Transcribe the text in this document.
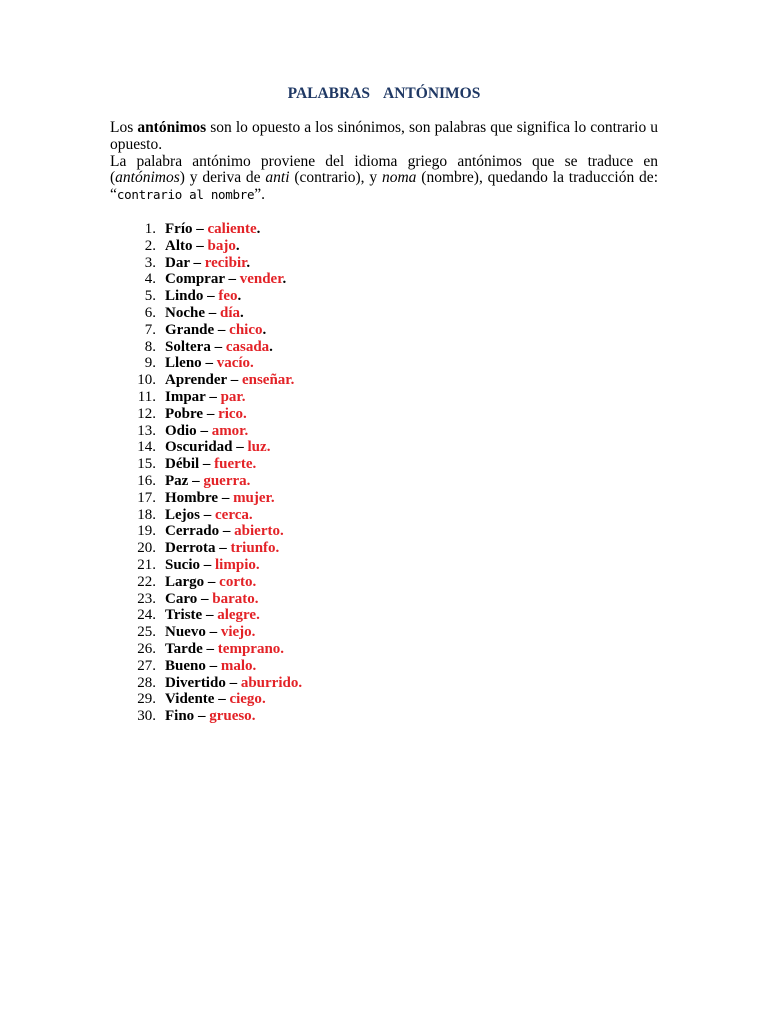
PALABRAS ANTÓNIMOS

Los antónimos son lo opuesto a los sinónimos, son palabras que significa lo contrario u opuesto.

La palabra antónimo proviene del idioma griego antónimos que se traduce en (antónimos) y deriva de anti (contrario), y noma (nombre), quedando la traducción de: “contrario al nombre”.

1. Frío – caliente.
2. Alto – bajo.
3. Dar – recibir.
4. Comprar – vender.
5. Lindo – feo.
6. Noche – día.
7. Grande – chico.
8. Soltera – casada.
9. Lleno – vacío.
10. Aprender – enseñar.
11. Impar – par.
12. Pobre – rico.
13. Odio – amor.
14. Oscuridad – luz.
15. Débil – fuerte.
16. Paz – guerra.
17. Hombre – mujer.
18. Lejos – cerca.
19. Cerrado – abierto.
20. Derrota – triunfo.
21. Sucio – limpio.
22. Largo – corto.
23. Caro – barato.
24. Triste – alegre.
25. Nuevo – viejo.
26. Tarde – temprano.
27. Bueno – malo.
28. Divertido – aburrido.
29. Vidente – ciego.
30. Fino – grueso.
